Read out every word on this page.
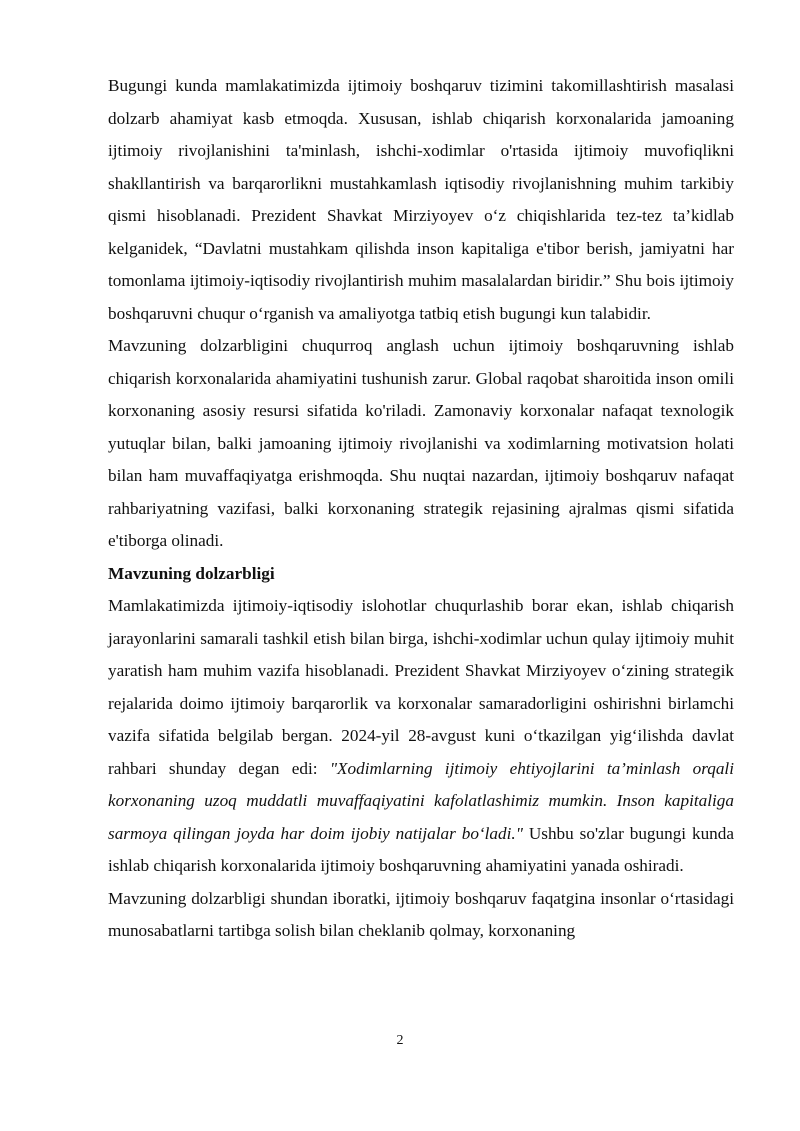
Bugungi kunda mamlakatimizda ijtimoiy boshqaruv tizimini takomillashtirish masalasi dolzarb ahamiyat kasb etmoqda. Xususan, ishlab chiqarish korxonalarida jamoaning ijtimoiy rivojlanishini ta'minlash, ishchi-xodimlar o'rtasida ijtimoiy muvofiqlikni shakllantirish va barqarorlikni mustahkamlash iqtisodiy rivojlanishning muhim tarkibiy qismi hisoblanadi. Prezident Shavkat Mirziyoyev o‘z chiqishlarida tez-tez ta’kidlab kelganidek, “Davlatni mustahkam qilishda inson kapitaliga e'tibor berish, jamiyatni har tomonlama ijtimoiy-iqtisodiy rivojlantirish muhim masalalardan biridir.” Shu bois ijtimoiy boshqaruvni chuqur o‘rganish va amaliyotga tatbiq etish bugungi kun talabidir.

Mavzuning dolzarbligini chuqurroq anglash uchun ijtimoiy boshqaruvning ishlab chiqarish korxonalarida ahamiyatini tushunish zarur. Global raqobat sharoitida inson omili korxonaning asosiy resursi sifatida ko'riladi. Zamonaviy korxonalar nafaqat texnologik yutuqlar bilan, balki jamoaning ijtimoiy rivojlanishi va xodimlarning motivatsion holati bilan ham muvaffaqiyatga erishmoqda. Shu nuqtai nazardan, ijtimoiy boshqaruv nafaqat rahbariyatning vazifasi, balki korxonaning strategik rejasining ajralmas qismi sifatida e'tiborga olinadi.

Mavzuning dolzarbligi

Mamlakatimizda ijtimoiy-iqtisodiy islohotlar chuqurlashib borar ekan, ishlab chiqarish jarayonlarini samarali tashkil etish bilan birga, ishchi-xodimlar uchun qulay ijtimoiy muhit yaratish ham muhim vazifa hisoblanadi. Prezident Shavkat Mirziyoyev o‘zining strategik rejalarida doimo ijtimoiy barqarorlik va korxonalar samaradorligini oshirishni birlamchi vazifa sifatida belgilab bergan. 2024-yil 28-avgust kuni o‘tkazilgan yig‘ilishda davlat rahbari shunday degan edi: "Xodimlarning ijtimoiy ehtiyojlarini ta’minlash orqali korxonaning uzoq muddatli muvaffaqiyatini kafolatlashimiz mumkin. Inson kapitaliga sarmoya qilingan joyda har doim ijobiy natijalar bo‘ladi." Ushbu so'zlar bugungi kunda ishlab chiqarish korxonalarida ijtimoiy boshqaruvning ahamiyatini yanada oshiradi.

Mavzuning dolzarbligi shundan iboratki, ijtimoiy boshqaruv faqatgina insonlar o‘rtasidagi munosabatlarni tartibga solish bilan cheklanib qolmay, korxonaning

2
